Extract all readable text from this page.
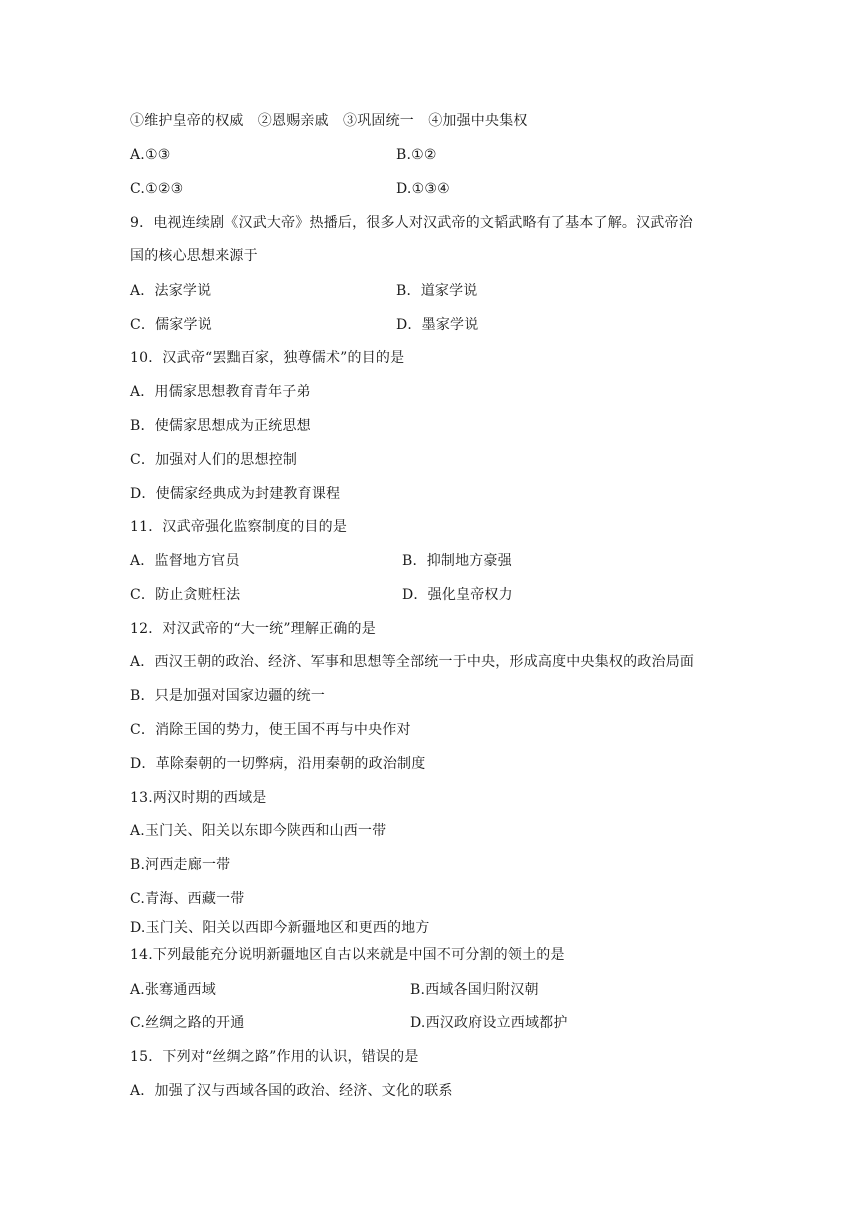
①维护皇帝的权威　②恩赐亲戚　③巩固统一　④加强中央集权
A.①③	B.①②
C.①②③	D.①③④
9．电视连续剧《汉武大帝》热播后，很多人对汉武帝的文韬武略有了基本了解。汉武帝治
国的核心思想来源于
A．法家学说	B．道家学说
C．儒家学说	D．墨家学说
10．汉武帝“罢黜百家，独尊儒术”的目的是
A．用儒家思想教育青年子弟
B．使儒家思想成为正统思想
C．加强对人们的思想控制
D．使儒家经典成为封建教育课程
11．汉武帝强化监察制度的目的是
A．监督地方官员	B．抑制地方豪强
C．防止贪赃枉法	D．强化皇帝权力
12．对汉武帝的“大一统”理解正确的是
A．西汉王朝的政治、经济、军事和思想等全部统一于中央，形成高度中央集权的政治局面
B．只是加强对国家边疆的统一
C．消除王国的势力，使王国不再与中央作对
D．革除秦朝的一切弊病，沿用秦朝的政治制度
13.两汉时期的西域是
A.玉门关、阳关以东即今陕西和山西一带
B.河西走廊一带
C.青海、西藏一带
D.玉门关、阳关以西即今新疆地区和更西的地方
14.下列最能充分说明新疆地区自古以来就是中国不可分割的领土的是
A.张骞通西域	B.西域各国归附汉朝
C.丝绸之路的开通	D.西汉政府设立西域都护
15．下列对“丝绸之路”作用的认识，错误的是
A．加强了汉与西域各国的政治、经济、文化的联系
